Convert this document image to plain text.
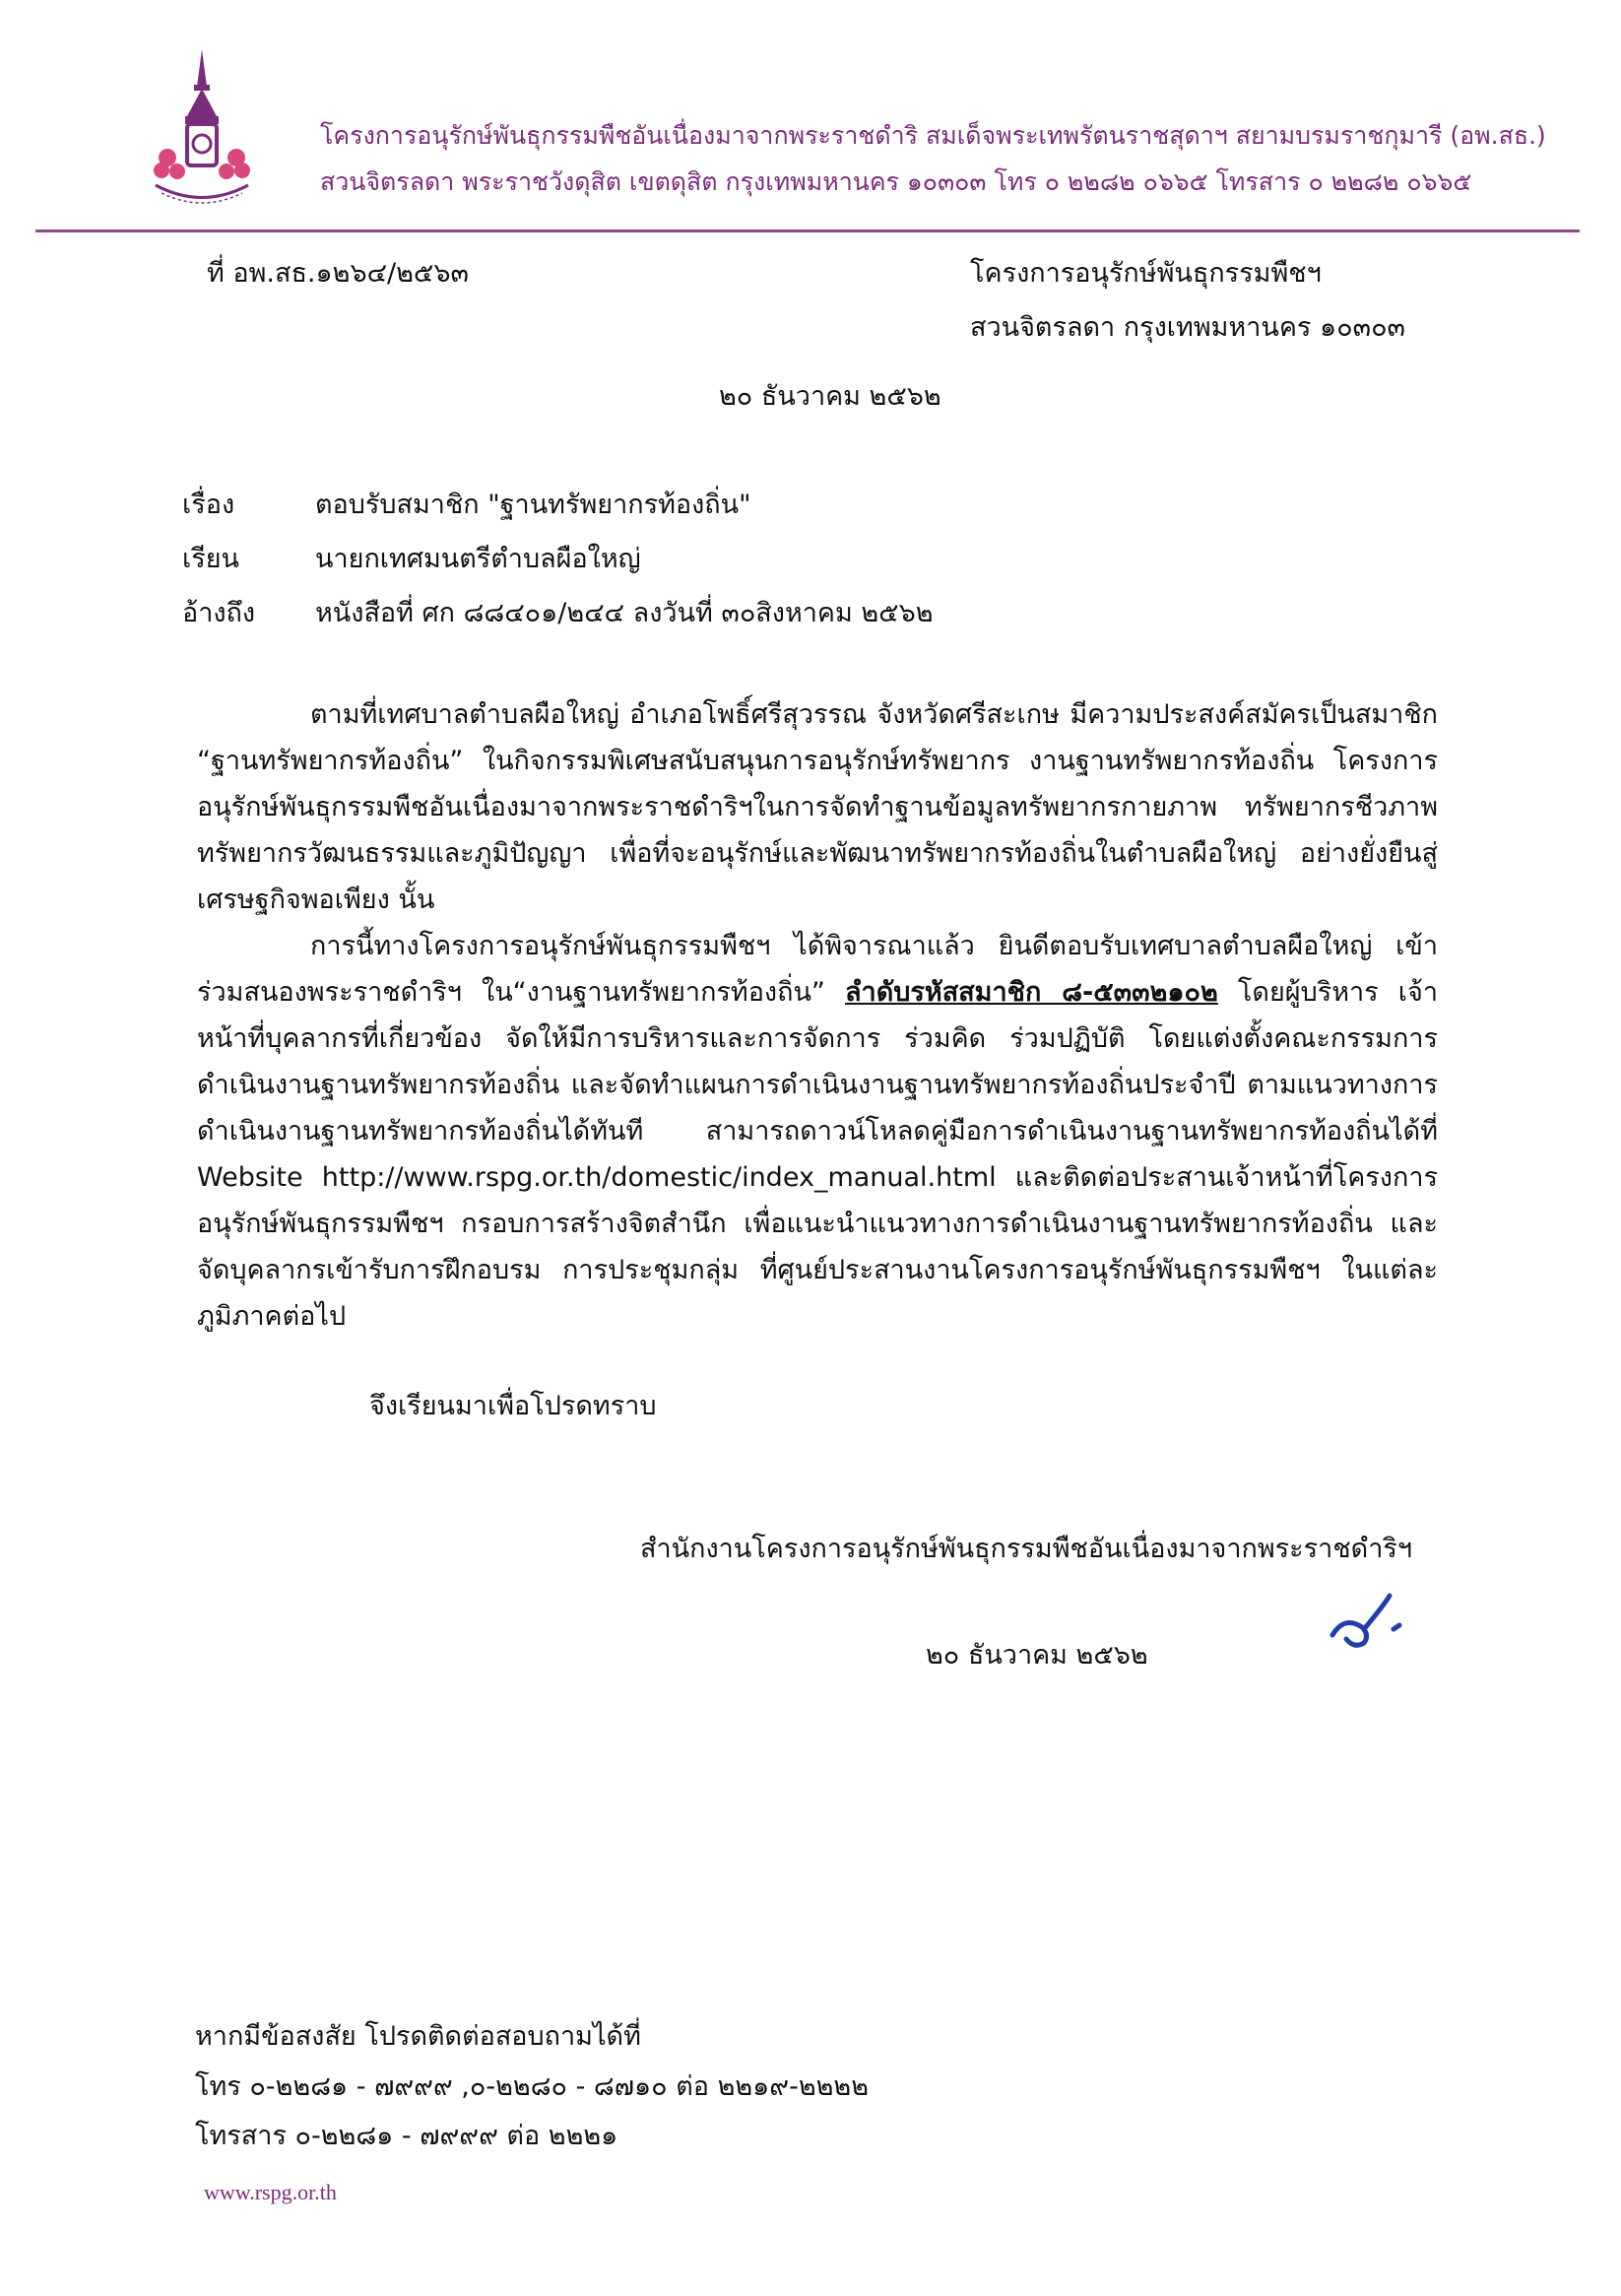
โครงการอนุรักษ์พันธุกรรมพืชอันเนื่องมาจากพระราชดำริ สมเด็จพระเทพรัตนราชสุดาฯ สยามบรมราชกุมารี (อพ.สธ.)
สวนจิตรลดา พระราชวังดุสิต เขตดุสิต กรุงเทพมหานคร ๑๐๓๐๓ โทร ๐ ๒๒๘๒ ๐๖๖๕ โทรสาร ๐ ๒๒๘๒ ๐๖๖๕
ที่ อพ.สธ.๑๒๖๔/๒๕๖๓	โครงการอนุรักษ์พันธุกรรมพืชฯ
สวนจิตรลดา กรุงเทพมหานคร ๑๐๓๐๓
๒๐ ธันวาคม ๒๕๖๒
เรื่อง	ตอบรับสมาชิก "ฐานทรัพยากรท้องถิ่น"
เรียน	นายกเทศมนตรีตำบลผือใหญ่
อ้างถึง หนังสือที่ ศก ๘๘๔๐๑/๒๔๔ ลงวันที่ ๓๐สิงหาคม ๒๕๖๒
ตามที่เทศบาลตำบลผือใหญ่ อำเภอโพธิ์ศรีสุวรรณ จังหวัดศรีสะเกษ มีความประสงค์สมัครเป็นสมาชิก “ฐานทรัพยากรท้องถิ่น” ในกิจกรรมพิเศษสนับสนุนการอนุรักษ์ทรัพยากร งานฐานทรัพยากรท้องถิ่น โครงการอนุรักษ์พันธุกรรมพืชอันเนื่องมาจากพระราชดำริฯในการจัดทำฐานข้อมูลทรัพยากรกายภาพ ทรัพยากรชีวภาพ ทรัพยากรวัฒนธรรมและภูมิปัญญา เพื่อที่จะอนุรักษ์และพัฒนาทรัพยากรท้องถิ่นในตำบลผือใหญ่ อย่างยั่งยืนสู่เศรษฐกิจพอเพียง นั้น
การนี้ทางโครงการอนุรักษ์พันธุกรรมพืชฯ ได้พิจารณาแล้ว ยินดีตอบรับเทศบาลตำบลผือใหญ่ เข้าร่วมสนองพระราชดำริฯ ใน“งานฐานทรัพยากรท้องถิ่น” ลำดับรหัสสมาชิก ๘-๕๓๓๒๑๐๒ โดยผู้บริหาร เจ้าหน้าที่บุคลากรที่เกี่ยวข้อง จัดให้มีการบริหารและการจัดการ ร่วมคิด ร่วมปฏิบัติ โดยแต่งตั้งคณะกรรมการดำเนินงานฐานทรัพยากรท้องถิ่น และจัดทำแผนการดำเนินงานฐานทรัพยากรท้องถิ่นประจำปี ตามแนวทางการดำเนินงานฐานทรัพยากรท้องถิ่นได้ทันที สามารถดาวน์โหลดคู่มือการดำเนินงานฐานทรัพยากรท้องถิ่นได้ที่ Website http://www.rspg.or.th/domestic/index_manual.html และติดต่อประสานเจ้าหน้าที่โครงการอนุรักษ์พันธุกรรมพืชฯ กรอบการสร้างจิตสำนึก เพื่อแนะนำแนวทางการดำเนินงานฐานทรัพยากรท้องถิ่น และจัดบุคลากรเข้ารับการฝึกอบรม การประชุมกลุ่ม ที่ศูนย์ประสานงานโครงการอนุรักษ์พันธุกรรมพืชฯ ในแต่ละภูมิภาคต่อไป
จึงเรียนมาเพื่อโปรดทราบ
สำนักงานโครงการอนุรักษ์พันธุกรรมพืชอันเนื่องมาจากพระราชดำริฯ
๒๐ ธันวาคม ๒๕๖๒
หากมีข้อสงสัย โปรดติดต่อสอบถามได้ที่
โทร ๐-๒๒๘๑ - ๗๙๙๙ ,๐-๒๒๘๐ - ๘๗๑๐ ต่อ ๒๒๑๙-๒๒๒๒
โทรสาร ๐-๒๒๘๑ - ๗๙๙๙ ต่อ ๒๒๒๑
www.rspg.or.th
